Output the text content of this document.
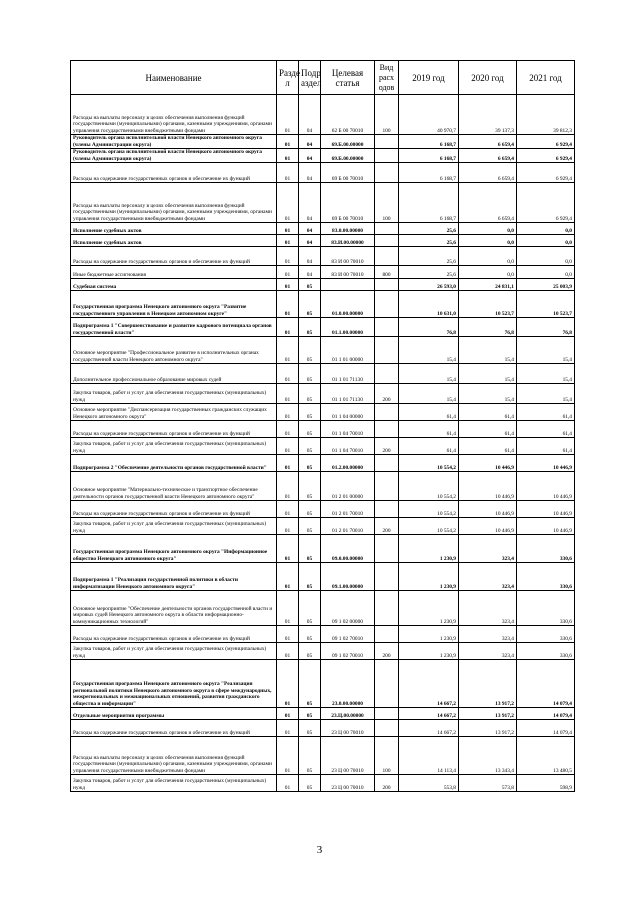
Наименование	Разде л	Подр аздел	Целевая статья	Вид расх одов	2019 год	2020 год	2021 год
Расходы на выплаты персоналу в целях обеспечения выполнения функций государственными (муниципальными) органами, казенными учреждениями, органами управления государственными внебюджетными фондами	01	04	62 Б 00 70010	100	40 970,7	39 137,3	39 812,3
Руководитель органа исполнительной власти Ненецкого автономного округа (члены Администрации округа)	01	04	69.Б.00.00000		6 168,7	6 659,4	6 929,4
Руководитель органа исполнительной власти Ненецкого автономного округа (члены Администрации округа)	01	04	69.Б.00.00000		6 168,7	6 659,4	6 929,4
Расходы на содержание государственных органов и обеспечение их функций	01	04	69 Б 00 70010		6 168,7	6 659,4	6 929,4
Расходы на выплаты персоналу в целях обеспечения выполнения функций государственными (муниципальными) органами, казенными учреждениями, органами управления государственными внебюджетными фондами	01	04	69 Б 00 70010	100	6 168,7	6 659,4	6 929,4
Исполнение судебных актов	01	04	83.0.00.00000		25,6	0,0	0,0
Исполнение судебных актов	01	04	83.И.00.00000		25,6	0,0	0,0
Расходы на содержание государственных органов и обеспечение их функций	01	04	83 И 00 70010		25,6	0,0	0,0
Иные бюджетные ассигнования	01	04	83 И 00 70010	800	25,6	0,0	0,0
Судебная система	01	05			26 593,0	24 831,1	25 003,9
Государственная программа Ненецкого автономного округа "Развитие государственного управления в Ненецком автономном округе"	01	05	01.0.00.00000		10 631,0	10 523,7	10 523,7
Подпрограмма 1 "Совершенствование и развитие кадрового потенциала органов государственной власти"	01	05	01.1.00.00000		76,8	76,8	76,8
Основное мероприятие "Профессиональное развитие в исполнительных органах государственной власти Ненецкого автономного округа"	01	05	01 1 01 00000		15,4	15,4	15,4
Дополнительное профессиональное образование мировых судей	01	05	01 1 01 71130		15,4	15,4	15,4
Закупка товаров, работ и услуг для обеспечения государственных (муниципальных) нужд	01	05	01 1 01 71130	200	15,4	15,4	15,4
Основное мероприятие "Диспансеризация государственных гражданских служащих Ненецкого автономного округа"	01	05	01 1 04 00000		61,4	61,4	61,4
Расходы на содержание государственных органов и обеспечение их функций	01	05	01 1 04 70010		61,4	61,4	61,4
Закупка товаров, работ и услуг для обеспечения государственных (муниципальных) нужд	01	05	01 1 04 70010	200	61,4	61,4	61,4
Подпрограмма 2 "Обеспечение деятельности органов государственной власти"	01	05	01.2.00.00000		10 554,2	10 446,9	10 446,9
Основное мероприятие "Материально-техническое и транспортное обеспечение деятельности органов государственной власти Ненецкого автономного округа"	01	05	01 2 01 00000		10 554,2	10 446,9	10 446,9
Расходы на содержание государственных органов и обеспечение их функций	01	05	01 2 01 70010		10 554,2	10 446,9	10 446,9
Закупка товаров, работ и услуг для обеспечения государственных (муниципальных) нужд	01	05	01 2 01 70010	200	10 554,2	10 446,9	10 446,9
Государственная программа Ненецкого автономного округа "Информационное общество Ненецкого автономного округа"	01	05	09.0.00.00000		1 230,9	323,4	330,6
Подпрограмма 1 "Реализация государственной политики в области информатизации Ненецкого автономного округа"	01	05	09.1.00.00000		1 230,9	323,4	330,6
Основное мероприятие "Обеспечение деятельности органов государственной власти и мировых судей Ненецкого автономного округа в области информационно-коммуникационных технологий"	01	05	09 1 02 00000		1 230,9	323,4	330,6
Расходы на содержание государственных органов и обеспечение их функций	01	05	09 1 02 70010		1 230,9	323,4	330,6
Закупка товаров, работ и услуг для обеспечения государственных (муниципальных) нужд	01	05	09 1 02 70010	200	1 230,9	323,4	330,6
Государственная программа Ненецкого автономного округа "Реализация региональной политики Ненецкого автономного округа в сфере международных, межрегиональных и межнациональных отношений, развития гражданского общества и информации"	01	05	23.0.00.00000		14 667,2	13 917,2	14 079,4
Отдельные мероприятия программы	01	05	23.Ц.00.00000		14 667,2	13 917,2	14 079,4
Расходы на содержание государственных органов и обеспечение их функций	01	05	23 Ц 00 70010		14 667,2	13 917,2	14 079,4
Расходы на выплаты персоналу в целях обеспечения выполнения функций государственными (муниципальными) органами, казенными учреждениями, органами управления государственными внебюджетными фондами	01	05	23 Ц 00 70010	100	14 113,4	13 343,4	13 480,5
Закупка товаров, работ и услуг для обеспечения государственных (муниципальных) нужд	01	05	23 Ц 00 70010	200	553,8	573,8	598,9
3
